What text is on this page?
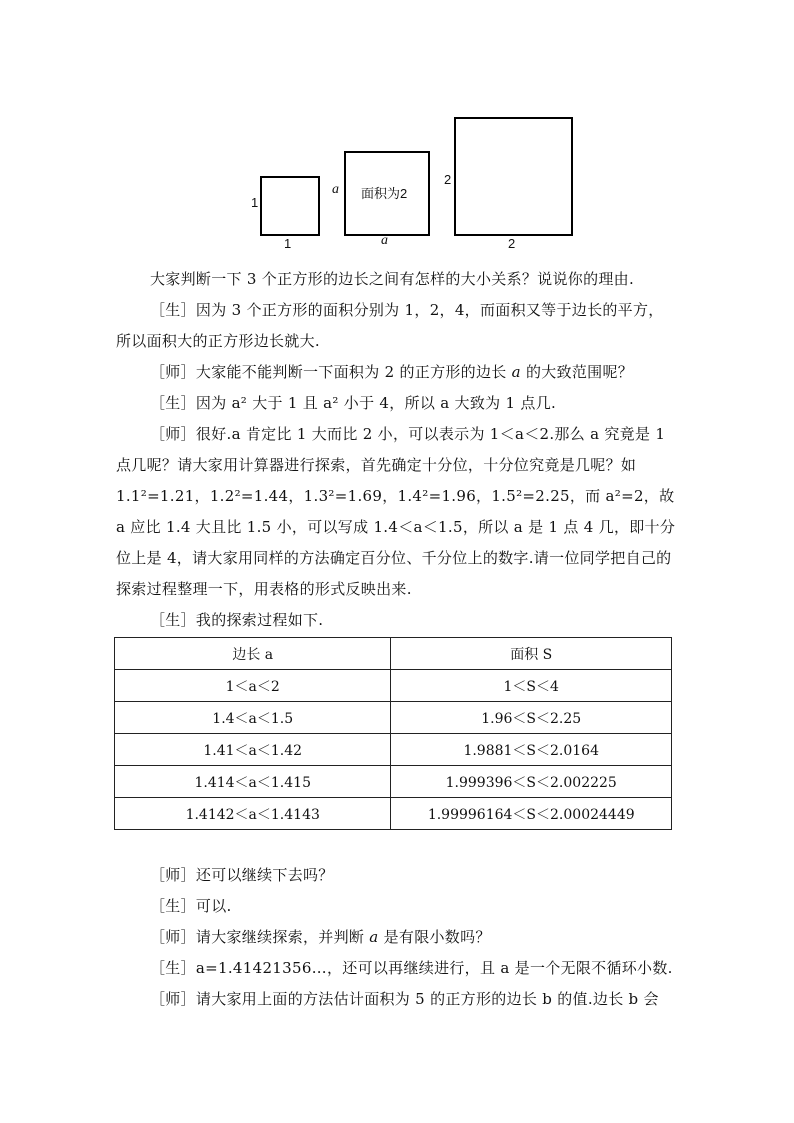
1
1
a 面积为2
a
2
2

大家判断一下 3 个正方形的边长之间有怎样的大小关系？说说你的理由.

［生］因为 3 个正方形的面积分别为 1，2，4，而面积又等于边长的平方，所以面积大的正方形边长就大.

［师］大家能不能判断一下面积为 2 的正方形的边长 a 的大致范围呢？

［生］因为 a² 大于 1 且 a² 小于 4，所以 a 大致为 1 点几.

［师］很好.a 肯定比 1 大而比 2 小，可以表示为 1＜a＜2.那么 a 究竟是 1 点几呢？请大家用计算器进行探索，首先确定十分位，十分位究竟是几呢？如 1.1²=1.21，1.2²=1.44，1.3²=1.69，1.4²=1.96，1.5²=2.25，而 a²=2，故 a 应比 1.4 大且比 1.5 小，可以写成 1.4＜a＜1.5，所以 a 是 1 点 4 几，即十分位上是 4，请大家用同样的方法确定百分位、千分位上的数字.请一位同学把自己的探索过程整理一下，用表格的形式反映出来.

［生］我的探索过程如下.

边长 a	面积 S
1＜a＜2	1＜S＜4
1.4＜a＜1.5	1.96＜S＜2.25
1.41＜a＜1.42	1.9881＜S＜2.0164
1.414＜a＜1.415	1.999396＜S＜2.002225
1.4142＜a＜1.4143	1.99996164＜S＜2.00024449

［师］还可以继续下去吗？

［生］可以.

［师］请大家继续探索，并判断 a 是有限小数吗？

［生］a=1.41421356…，还可以再继续进行，且 a 是一个无限不循环小数.

［师］请大家用上面的方法估计面积为 5 的正方形的边长 b 的值.边长 b 会
